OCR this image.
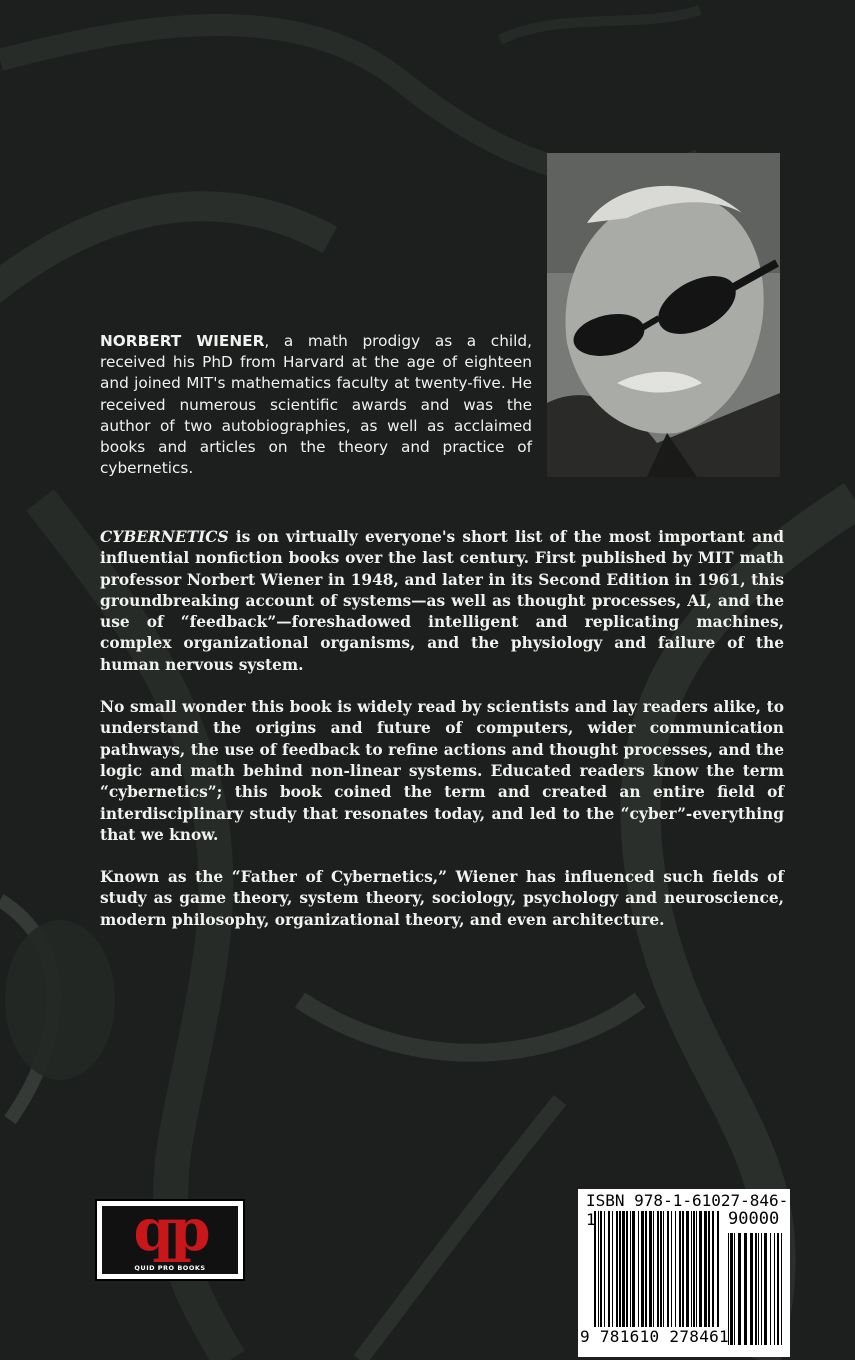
NORBERT WIENER, a math prodigy as a child, received his PhD from Harvard at the age of eighteen and joined MIT's mathematics faculty at twenty-five. He received numerous scientific awards and was the author of two autobiographies, as well as acclaimed books and articles on the theory and practice of cybernetics.

CYBERNETICS is on virtually everyone's short list of the most important and influential nonfiction books over the last century. First published by MIT math professor Norbert Wiener in 1948, and later in its Second Edition in 1961, this groundbreaking account of systems—as well as thought processes, AI, and the use of “feedback”—foreshadowed intelligent and replicating machines, complex organizational organisms, and the physiology and failure of the human nervous system.

No small wonder this book is widely read by scientists and lay readers alike, to understand the origins and future of computers, wider communication pathways, the use of feedback to refine actions and thought processes, and the logic and math behind non-linear systems. Educated readers know the term “cybernetics”; this book coined the term and created an entire field of interdisciplinary study that resonates today, and led to the “cyber”-everything that we know.

Known as the “Father of Cybernetics,” Wiener has influenced such fields of study as game theory, system theory, sociology, psychology and neuroscience, modern philosophy, organizational theory, and even architecture.

qp
QUID PRO BOOKS
ISBN 978-1-61027-846-1	90000
9 781610 278461
